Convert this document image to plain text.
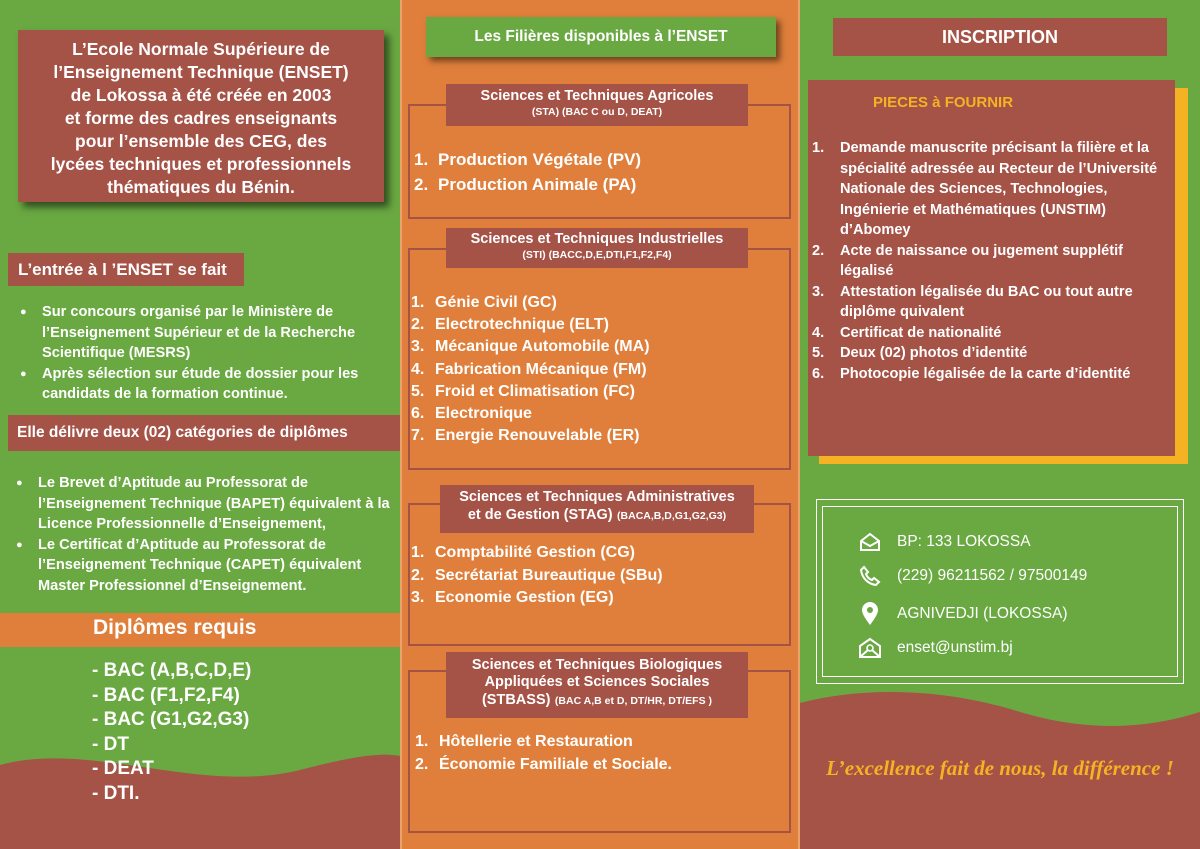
L’Ecole Normale Supérieure de
l’Enseignement Technique (ENSET)
de Lokossa à été créée en 2003
et forme des cadres enseignants
pour l’ensemble des CEG, des
lycées techniques et professionnels
thématiques du Bénin.
L’entrée à l ’ENSET se fait
● Sur concours organisé par le Ministère de l’Enseignement Supérieur et de la Recherche Scientifique (MESRS)
● Après sélection sur étude de dossier pour les candidats de la formation continue.
Elle délivre deux (02) catégories de diplômes
● Le Brevet d’Aptitude au Professorat de l’Enseignement Technique (BAPET) équivalent à la Licence Professionnelle d’Enseignement,
● Le Certificat d’Aptitude au Professorat de l’Enseignement Technique (CAPET) équivalent Master Professionnel d’Enseignement.
Diplômes requis
- BAC (A,B,C,D,E)
- BAC (F1,F2,F4)
- BAC (G1,G2,G3)
- DT
- DEAT
- DTI.
Les Filières disponibles à l’ENSET
Sciences et Techniques Agricoles
(STA) (BAC C ou D, DEAT)
1. Production Végétale (PV)
2. Production Animale (PA)
Sciences et Techniques Industrielles
(STI) (BACC,D,E,DTI,F1,F2,F4)
1. Génie Civil (GC)
2. Electrotechnique (ELT)
3. Mécanique Automobile (MA)
4. Fabrication Mécanique (FM)
5. Froid et Climatisation (FC)
6. Electronique
7. Energie Renouvelable (ER)
Sciences et Techniques Administratives
et de Gestion (STAG) (BACA,B,D,G1,G2,G3)
1. Comptabilité Gestion (CG)
2. Secrétariat Bureautique (SBu)
3. Economie Gestion (EG)
Sciences et Techniques Biologiques
Appliquées et Sciences Sociales
(STBASS) (BAC A,B et D, DT/HR, DT/EFS )
1. Hôtellerie et Restauration
2. Économie Familiale et Sociale.
INSCRIPTION
PIECES à FOURNIR
1. Demande manuscrite précisant la filière et la spécialité adressée au Recteur de l’Université Nationale des Sciences, Technologies, Ingénierie et Mathématiques (UNSTIM) d’Abomey
2. Acte de naissance ou jugement supplétif légalisé
3. Attestation légalisée du BAC ou tout autre diplôme quivalent
4. Certificat de nationalité
5. Deux (02) photos d’identité
6. Photocopie légalisée de la carte d’identité
BP: 133 LOKOSSA
(229) 96211562 / 97500149
AGNIVEDJI (LOKOSSA)
enset@unstim.bj
L’excellence fait de nous, la différence !
